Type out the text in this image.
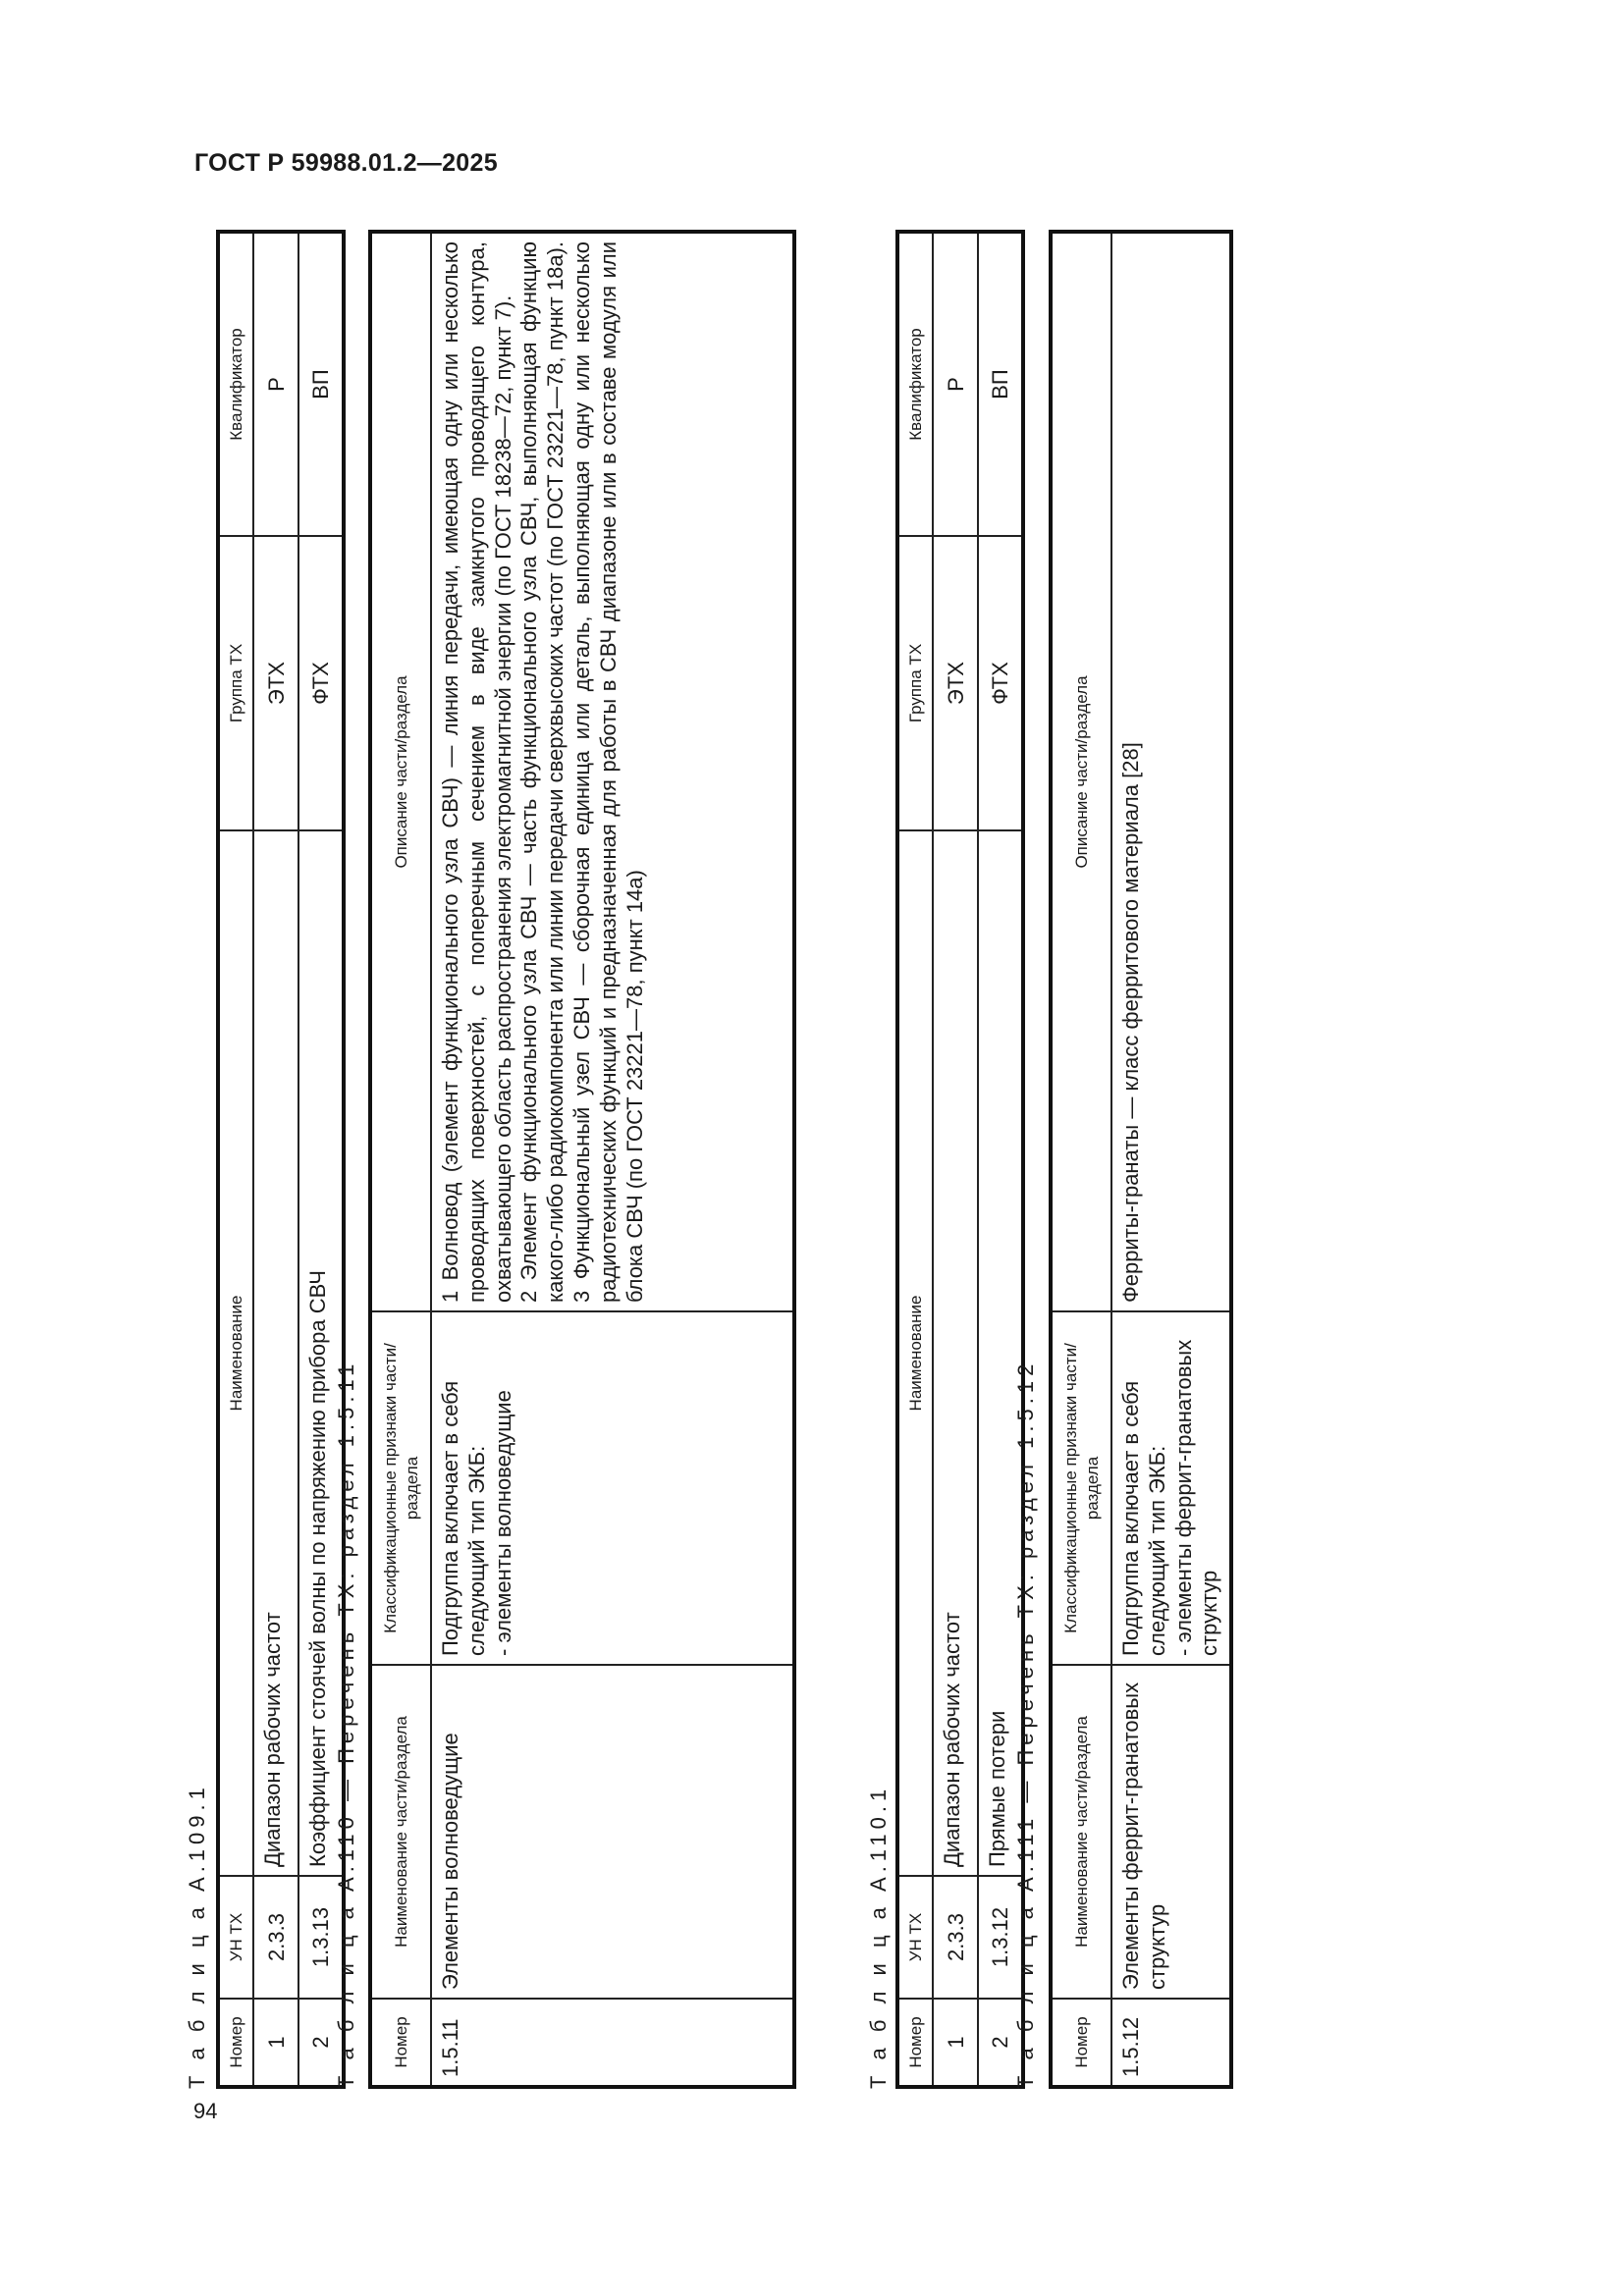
ГОСТ Р 59988.01.2—2025
94
Т а б л и ц а А.109.1 Номер	УН ТХ	Наименование	Группа ТХ	Квалификатор
1	2.3.3	Диапазон рабочих частот	ЭТХ	Р
2	1.3.13	Коэффициент стоячей волны по напряжению прибора СВЧ	ФТХ	ВП
Т а б л и ц а А.110 — Перечень ТХ: раздел 1.5.11 Номер	Наименование части/раздела	Классификационные признаки части/раздела	Описание части/раздела
1.5.11	Элементы волноведущие	Подгруппа включает в себя следующий тип ЭКБ: - элементы волноведущие	1 Волновод (элемент функционального узла СВЧ) — линия передачи, имеющая одну или несколько проводящих поверхностей, с поперечным сечением в виде замкнутого проводящего контура, охватывающего область распространения электромагнитной энергии (по ГОСТ 18238—72, пункт 7). 2 Элемент функционального узла СВЧ — часть функционального узла СВЧ, выполняющая функцию какого-либо радиокомпонента или линии передачи сверхвысоких частот (по ГОСТ 23221—78, пункт 18а). 3 Функциональный узел СВЧ — сборочная единица или деталь, выполняющая одну или несколько радиотехнических функций и предназначенная для работы в СВЧ диапазоне или в составе модуля или блока СВЧ (по ГОСТ 23221—78, пункт 14а)
Т а б л и ц а А.110.1 Номер	УН ТХ	Наименование	Группа ТХ	Квалификатор
1	2.3.3	Диапазон рабочих частот	ЭТХ	Р
2	1.3.12	Прямые потери	ФТХ	ВП
Т а б л и ц а А.111 — Перечень ТХ: раздел 1.5.12 Номер	Наименование части/раздела	Классификационные признаки части/раздела	Описание части/раздела
1.5.12	Элементы феррит-гранатовых структур	Подгруппа включает в себя следующий тип ЭКБ: - элементы феррит-гранатовых структур	Ферриты-гранаты — класс ферритового материала [28]
